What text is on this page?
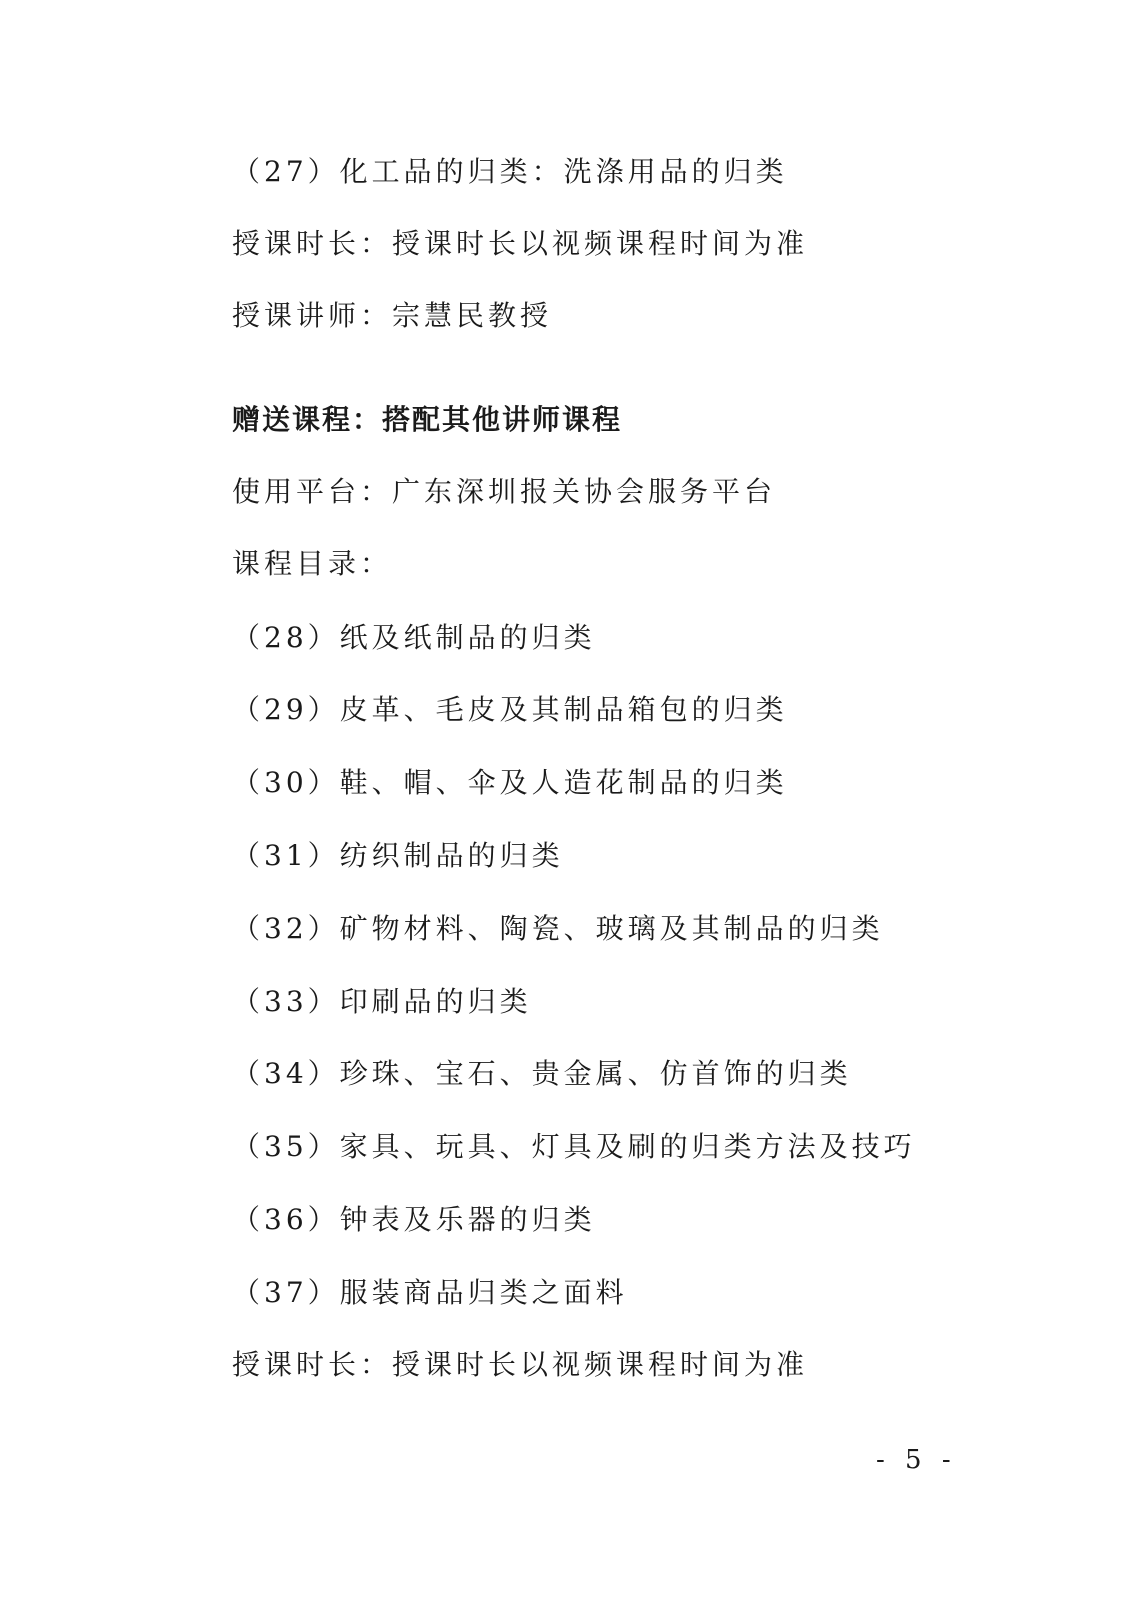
（27）化工品的归类：洗涤用品的归类
授课时长：授课时长以视频课程时间为准
授课讲师：宗慧民教授
赠送课程：搭配其他讲师课程
使用平台：广东深圳报关协会服务平台
课程目录：
（28）纸及纸制品的归类
（29）皮革、毛皮及其制品箱包的归类
（30）鞋、帽、伞及人造花制品的归类
（31）纺织制品的归类
（32）矿物材料、陶瓷、玻璃及其制品的归类
（33）印刷品的归类
（34）珍珠、宝石、贵金属、仿首饰的归类
（35）家具、玩具、灯具及刷的归类方法及技巧
（36）钟表及乐器的归类
（37）服装商品归类之面料
授课时长：授课时长以视频课程时间为准
- 5 -
